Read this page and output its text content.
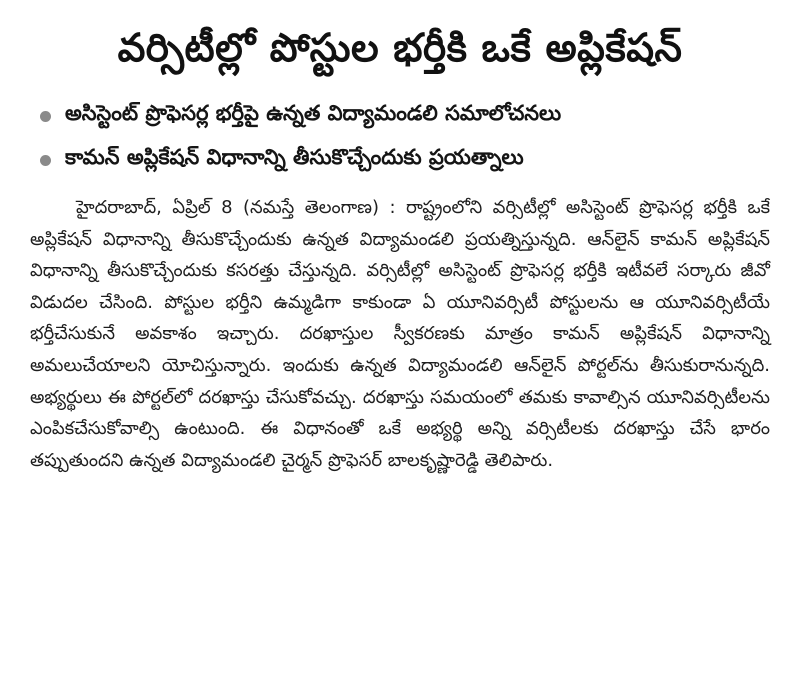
వర్సిటీల్లో పోస్టుల భర్తీకి ఒకే అప్లికేషన్
అసిస్టెంట్ ప్రొఫెసర్ల భర్తీపై ఉన్నత విద్యామండలి సమాలోచనలు
కామన్ అప్లికేషన్ విధానాన్ని తీసుకొచ్చేందుకు ప్రయత్నాలు

హైదరాబాద్, ఏప్రిల్ 8 (నమస్తే తెలంగాణ) : రాష్ట్రంలోని వర్సిటీల్లో అసిస్టెంట్ ప్రొఫెసర్ల భర్తీకి ఒకే అప్లికేషన్ విధానాన్ని తీసుకొచ్చేందుకు ఉన్నత విద్యామండలి ప్రయత్నిస్తున్నది. ఆన్‌లైన్ కామన్ అప్లికేషన్ విధానాన్ని తీసుకొచ్చేందుకు కసరత్తు చేస్తున్నది. వర్సిటీల్లో అసిస్టెంట్ ప్రొఫెసర్ల భర్తీకి ఇటీవలే సర్కారు జీవో విడుదల చేసింది. పోస్టుల భర్తీని ఉమ్మడిగా కాకుండా ఏ యూనివర్సిటీ పోస్టులను ఆ యూనివర్సిటీయే భర్తీచేసుకునే అవకాశం ఇచ్చారు. దరఖాస్తుల స్వీకరణకు మాత్రం కామన్ అప్లికేషన్ విధానాన్ని అమలుచేయాలని యోచిస్తున్నారు. ఇందుకు ఉన్నత విద్యామండలి ఆన్‌లైన్ పోర్టల్‌ను తీసుకురానున్నది. అభ్యర్థులు ఈ పోర్టల్‌లో దరఖాస్తు చేసుకోవచ్చు. దరఖాస్తు సమయంలో తమకు కావాల్సిన యూనివర్సిటీలను ఎంపికచేసుకోవాల్సి ఉంటుంది. ఈ విధానంతో ఒకే అభ్యర్థి అన్ని వర్సిటీలకు దరఖాస్తు చేసే భారం తప్పుతుందని ఉన్నత విద్యామండలి చైర్మన్ ప్రొఫెసర్ బాలకృష్ణారెడ్డి తెలిపారు.
